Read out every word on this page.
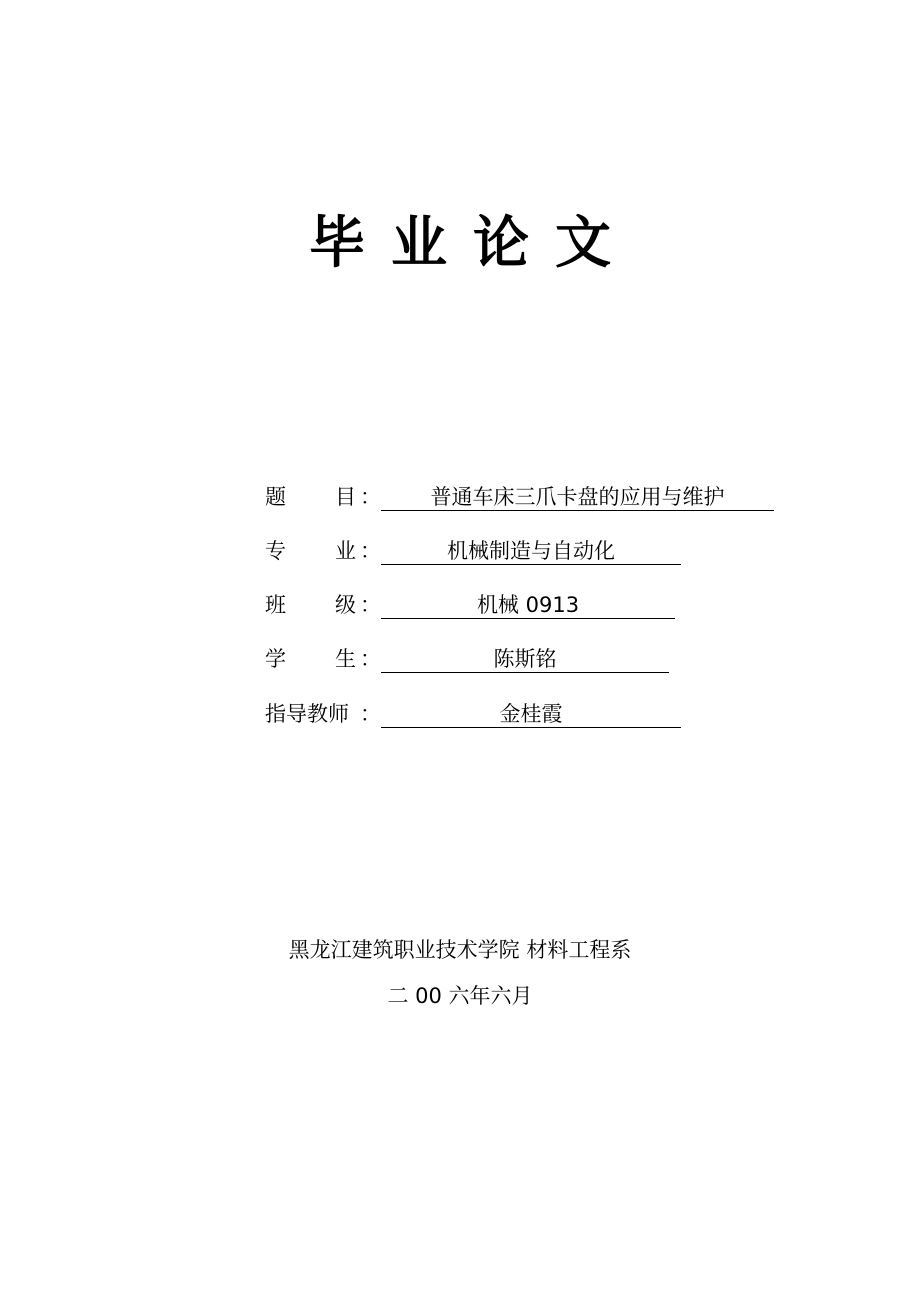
毕业论文
题 目 ：	普通车床三爪卡盘的应用与维护
专 业 ：	机械制造与自动化
班 级 ：	机械 0913
学 生 ：	陈斯铭
指导教师 ：	金桂霞
黑龙江建筑职业技术学院 材料工程系
二 00 六年六月
